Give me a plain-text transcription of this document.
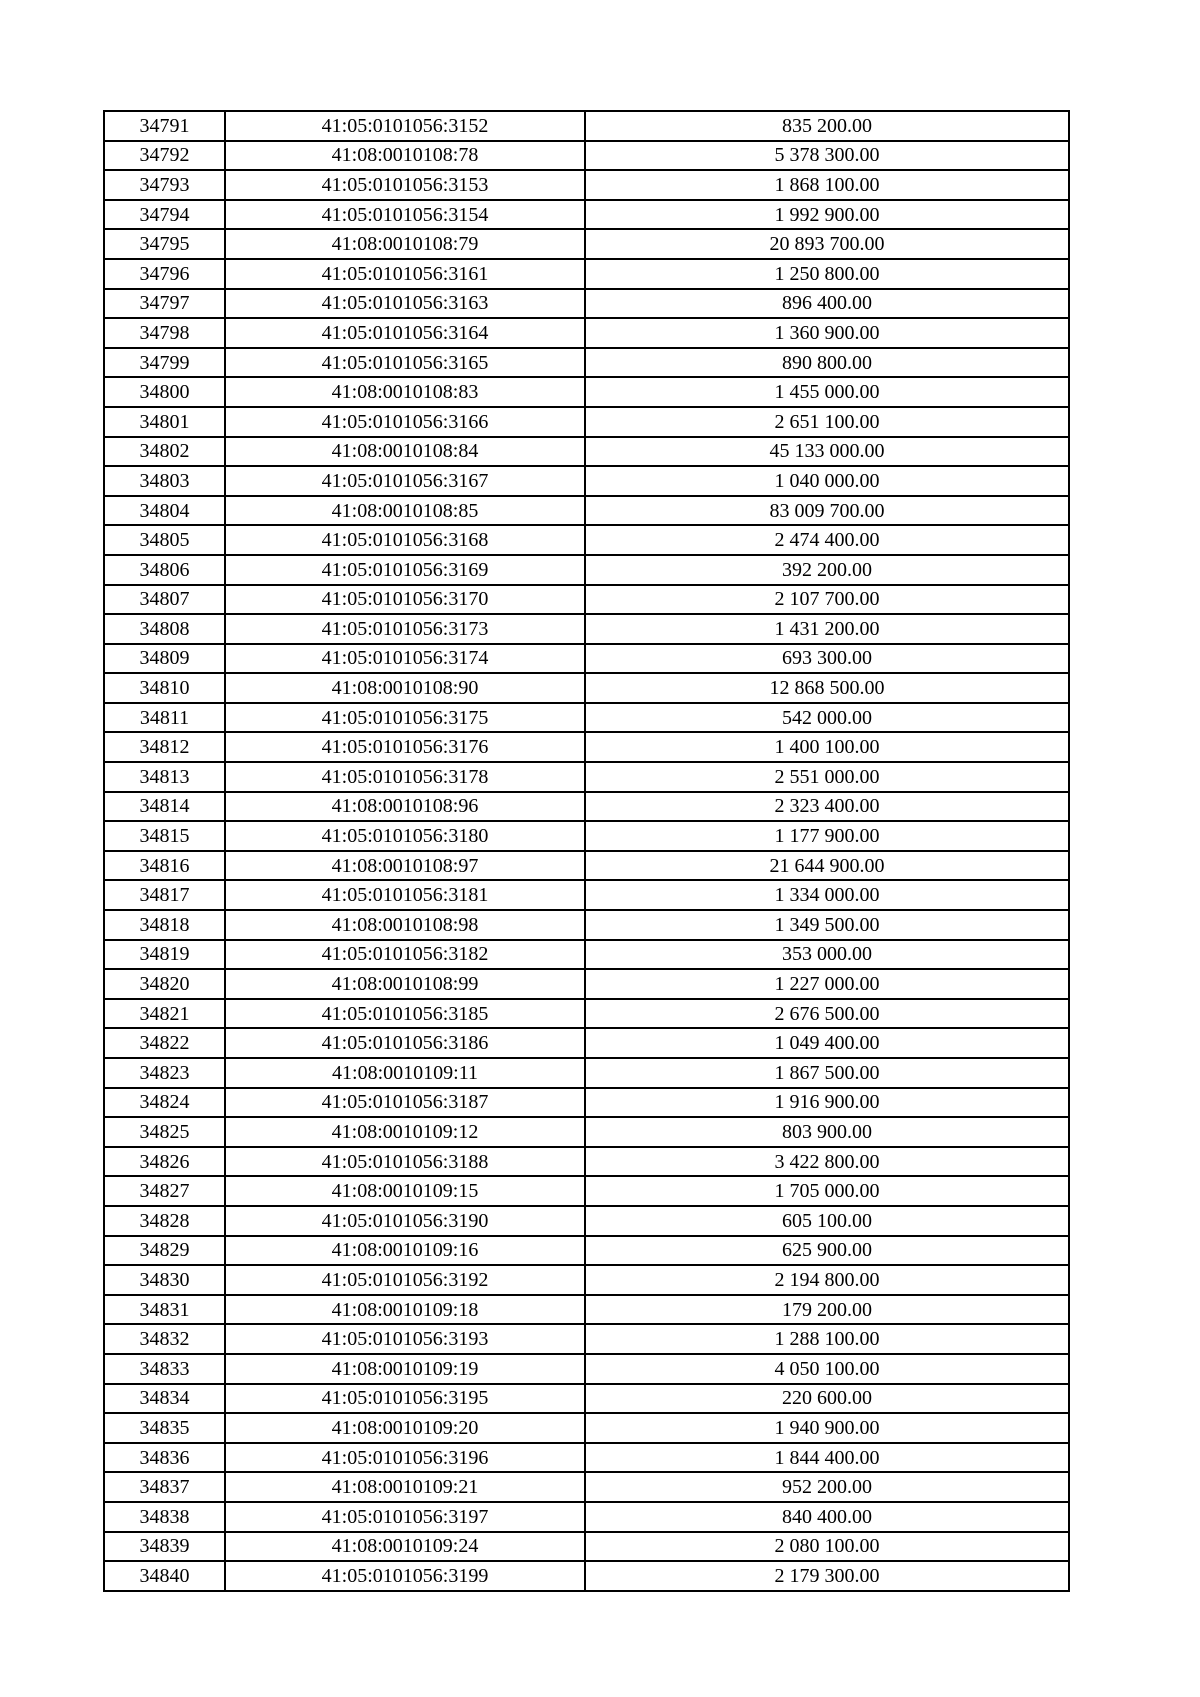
34791	41:05:0101056:3152	835 200.00
34792	41:08:0010108:78	5 378 300.00
34793	41:05:0101056:3153	1 868 100.00
34794	41:05:0101056:3154	1 992 900.00
34795	41:08:0010108:79	20 893 700.00
34796	41:05:0101056:3161	1 250 800.00
34797	41:05:0101056:3163	896 400.00
34798	41:05:0101056:3164	1 360 900.00
34799	41:05:0101056:3165	890 800.00
34800	41:08:0010108:83	1 455 000.00
34801	41:05:0101056:3166	2 651 100.00
34802	41:08:0010108:84	45 133 000.00
34803	41:05:0101056:3167	1 040 000.00
34804	41:08:0010108:85	83 009 700.00
34805	41:05:0101056:3168	2 474 400.00
34806	41:05:0101056:3169	392 200.00
34807	41:05:0101056:3170	2 107 700.00
34808	41:05:0101056:3173	1 431 200.00
34809	41:05:0101056:3174	693 300.00
34810	41:08:0010108:90	12 868 500.00
34811	41:05:0101056:3175	542 000.00
34812	41:05:0101056:3176	1 400 100.00
34813	41:05:0101056:3178	2 551 000.00
34814	41:08:0010108:96	2 323 400.00
34815	41:05:0101056:3180	1 177 900.00
34816	41:08:0010108:97	21 644 900.00
34817	41:05:0101056:3181	1 334 000.00
34818	41:08:0010108:98	1 349 500.00
34819	41:05:0101056:3182	353 000.00
34820	41:08:0010108:99	1 227 000.00
34821	41:05:0101056:3185	2 676 500.00
34822	41:05:0101056:3186	1 049 400.00
34823	41:08:0010109:11	1 867 500.00
34824	41:05:0101056:3187	1 916 900.00
34825	41:08:0010109:12	803 900.00
34826	41:05:0101056:3188	3 422 800.00
34827	41:08:0010109:15	1 705 000.00
34828	41:05:0101056:3190	605 100.00
34829	41:08:0010109:16	625 900.00
34830	41:05:0101056:3192	2 194 800.00
34831	41:08:0010109:18	179 200.00
34832	41:05:0101056:3193	1 288 100.00
34833	41:08:0010109:19	4 050 100.00
34834	41:05:0101056:3195	220 600.00
34835	41:08:0010109:20	1 940 900.00
34836	41:05:0101056:3196	1 844 400.00
34837	41:08:0010109:21	952 200.00
34838	41:05:0101056:3197	840 400.00
34839	41:08:0010109:24	2 080 100.00
34840	41:05:0101056:3199	2 179 300.00
